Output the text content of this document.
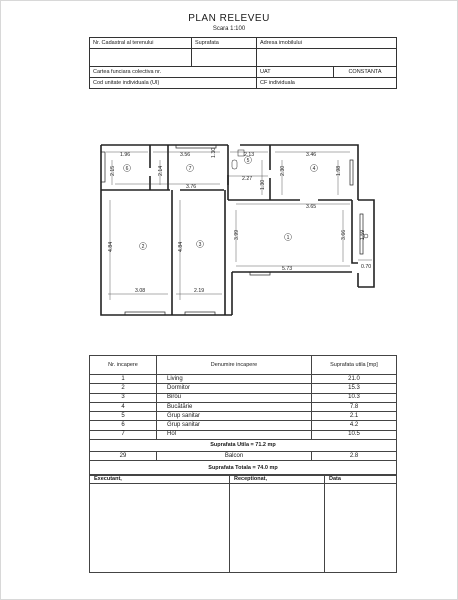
PLAN RELEVEU
Scara 1:100
Nr. Cadastral al terenului	Suprafata	Adresa imobilului	

Cartea funciara colectiva nr.		UAT	CONSTANTA
Cod unitate individuala (UI)		CF individuala	
1.96	3.56	1.30	2.13	3.46
2.15	2.14
3.76
2.27
1.30
2.30	1.98
3.65
4.84	4.84
3.99	3.66
5.73	0.70
3.08	2.19
1.59
1
2	3
4
5
6	7
Nr. incapere	Denumire incapere	Suprafata utila [mp]
1	Living	21.0
2	Dormitor	15.3
3	Birou	10.3
4	Bucătărie	7.8
5	Grup sanitar	2.1
6	Grup sanitar	4.2
7	Hol	10.5
Suprafata Utila = 71.2 mp		
29	Balcon	2.8
Suprafata Totala = 74.0 mp		
Executant,	Receptionat,	Data
